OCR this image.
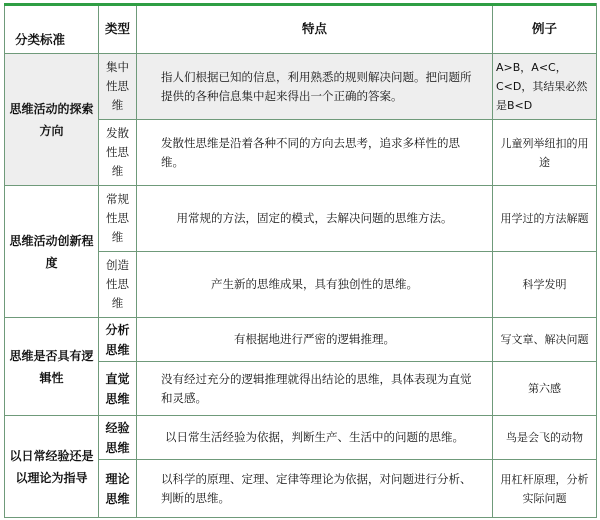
分类标准	类型	特点	例子
思维活动的探索方向	集中性思维	指人们根据已知的信息，利用熟悉的规则解决问题。把问题所提供的各种信息集中起来得出一个正确的答案。	A>B，A<C，C<D，其结果必然是B<D
	发散性思维	发散性思维是沿着各种不同的方向去思考，追求多样性的思维。	儿童列举纽扣的用途
思维活动创新程度	常规性思维	用常规的方法，固定的模式，去解决问题的思维方法。	用学过的方法解题
	创造性思维	产生新的思维成果，具有独创性的思维。	科学发明
思维是否具有逻辑性	分析思维	有根据地进行严密的逻辑推理。	写文章、解决问题
	直觉思维	没有经过充分的逻辑推理就得出结论的思维，具体表现为直觉和灵感。	第六感
以日常经验还是以理论为指导	经验思维	以日常生活经验为依据，判断生产、生活中的问题的思维。	鸟是会飞的动物
	理论思维	以科学的原理、定理、定律等理论为依据，对问题进行分析、判断的思维。	用杠杆原理，分析实际问题
